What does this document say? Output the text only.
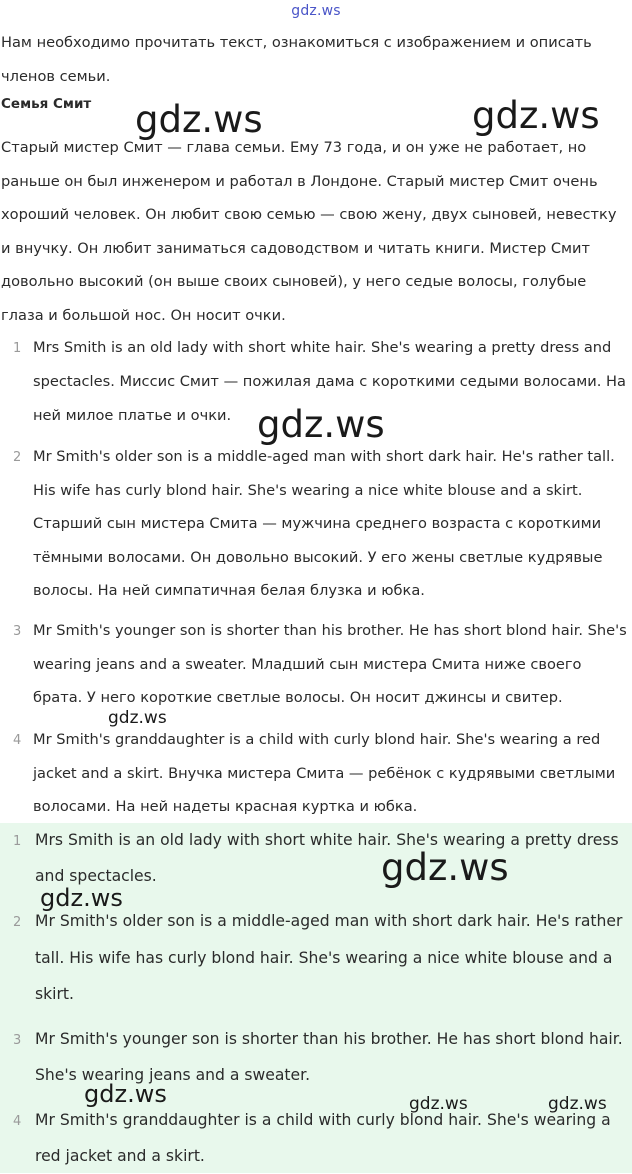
gdz.ws
Нам необходимо прочитать текст, ознакомиться с изображением и описать членов семьи.
Семья Смит
Старый мистер Смит — глава семьи. Ему 73 года, и он уже не работает, но раньше он был инженером и работал в Лондоне. Старый мистер Смит очень хороший человек. Он любит свою семью — свою жену, двух сыновей, невестку и внучку. Он любит заниматься садоводством и читать книги. Мистер Смит довольно высокий (он выше своих сыновей), у него седые волосы, голубые глаза и большой нос. Он носит очки.
1 Mrs Smith is an old lady with short white hair. She's wearing a pretty dress and spectacles. Миссис Смит — пожилая дама с короткими седыми волосами. На ней милое платье и очки.
2 Mr Smith's older son is a middle-aged man with short dark hair. He's rather tall. His wife has curly blond hair. She's wearing a nice white blouse and a skirt. Старший сын мистера Смита — мужчина среднего возраста с короткими тёмными волосами. Он довольно высокий. У его жены светлые кудрявые волосы. На ней симпатичная белая блузка и юбка.
3 Mr Smith's younger son is shorter than his brother. He has short blond hair. She's wearing jeans and a sweater. Младший сын мистера Смита ниже своего брата. У него короткие светлые волосы. Он носит джинсы и свитер.
4 Mr Smith's granddaughter is a child with curly blond hair. She's wearing a red jacket and a skirt. Внучка мистера Смита — ребёнок с кудрявыми светлыми волосами. На ней надеты красная куртка и юбка.
1 Mrs Smith is an old lady with short white hair. She's wearing a pretty dress and spectacles.
2 Mr Smith's older son is a middle-aged man with short dark hair. He's rather tall. His wife has curly blond hair. She's wearing a nice white blouse and a skirt.
3 Mr Smith's younger son is shorter than his brother. He has short blond hair. She's wearing jeans and a sweater.
4 Mr Smith's granddaughter is a child with curly blond hair. She's wearing a red jacket and a skirt.
gdz.ws	gdz.ws
gdz.ws
gdz.ws
gdz.ws
gdz.ws
gdz.ws	gdz.ws	gdz.ws
